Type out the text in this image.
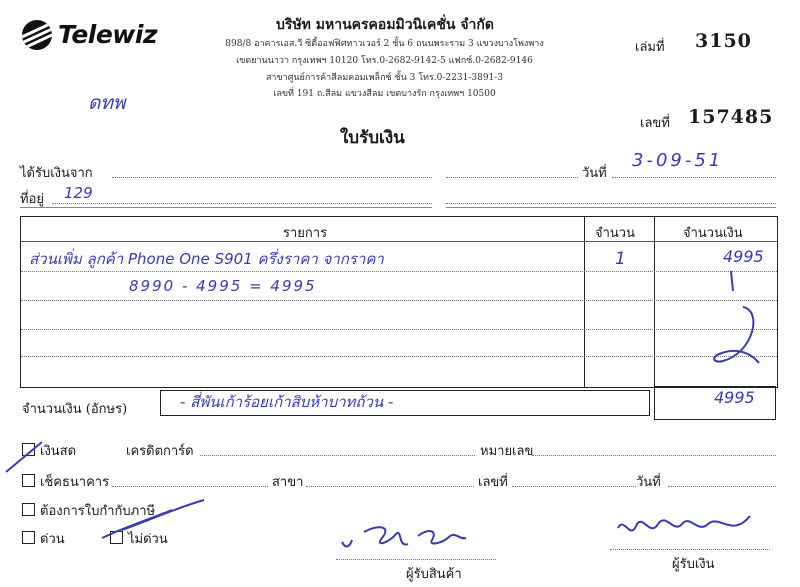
Telewiz	บริษัท มหานครคอมมิวนิเคชั่น จำกัด
898/8 อาคารเอส.วี ซิตี้ออฟฟิศทาวเวอร์ 2 ชั้น 6 ถนนพระราม 3 แขวงบางโพงพาง
เขตยานนาวา กรุงเทพฯ 10120 โทร.0-2682-9142-5 แฟกซ์.0-2682-9146
สาขาศูนย์การค้าสีลมคอมเพล็กซ์ ชั้น 3 โทร.0-2231-3891-3
เลขที่ 191 ถ.สีลม แขวงสีลม เขตบางรัก กรุงเทพฯ 10500
เล่มที่ 3150
เลขที่ 157485
ดทพ
ใบรับเงิน
ได้รับเงินจาก	วันที่
3-09-51
ที่อยู่ 129
รายการ	จำนวน	จำนวนเงิน
ส่วนเพิ่ม ลูกค้า Phone One S901 ครึ่งราคา จากราคา	1	4995
8990 - 4995 = 4995
จำนวนเงิน (อักษร)	- สี่พันเก้าร้อยเก้าสิบห้าบาทถ้วน -	4995
เงินสด	เครดิตการ์ด	หมายเลข
เช็คธนาคาร	สาขา	เลขที่	วันที่
ต้องการใบกำกับภาษี
ด่วน	ไม่ด่วน
ผู้รับสินค้า
ผู้รับเงิน
